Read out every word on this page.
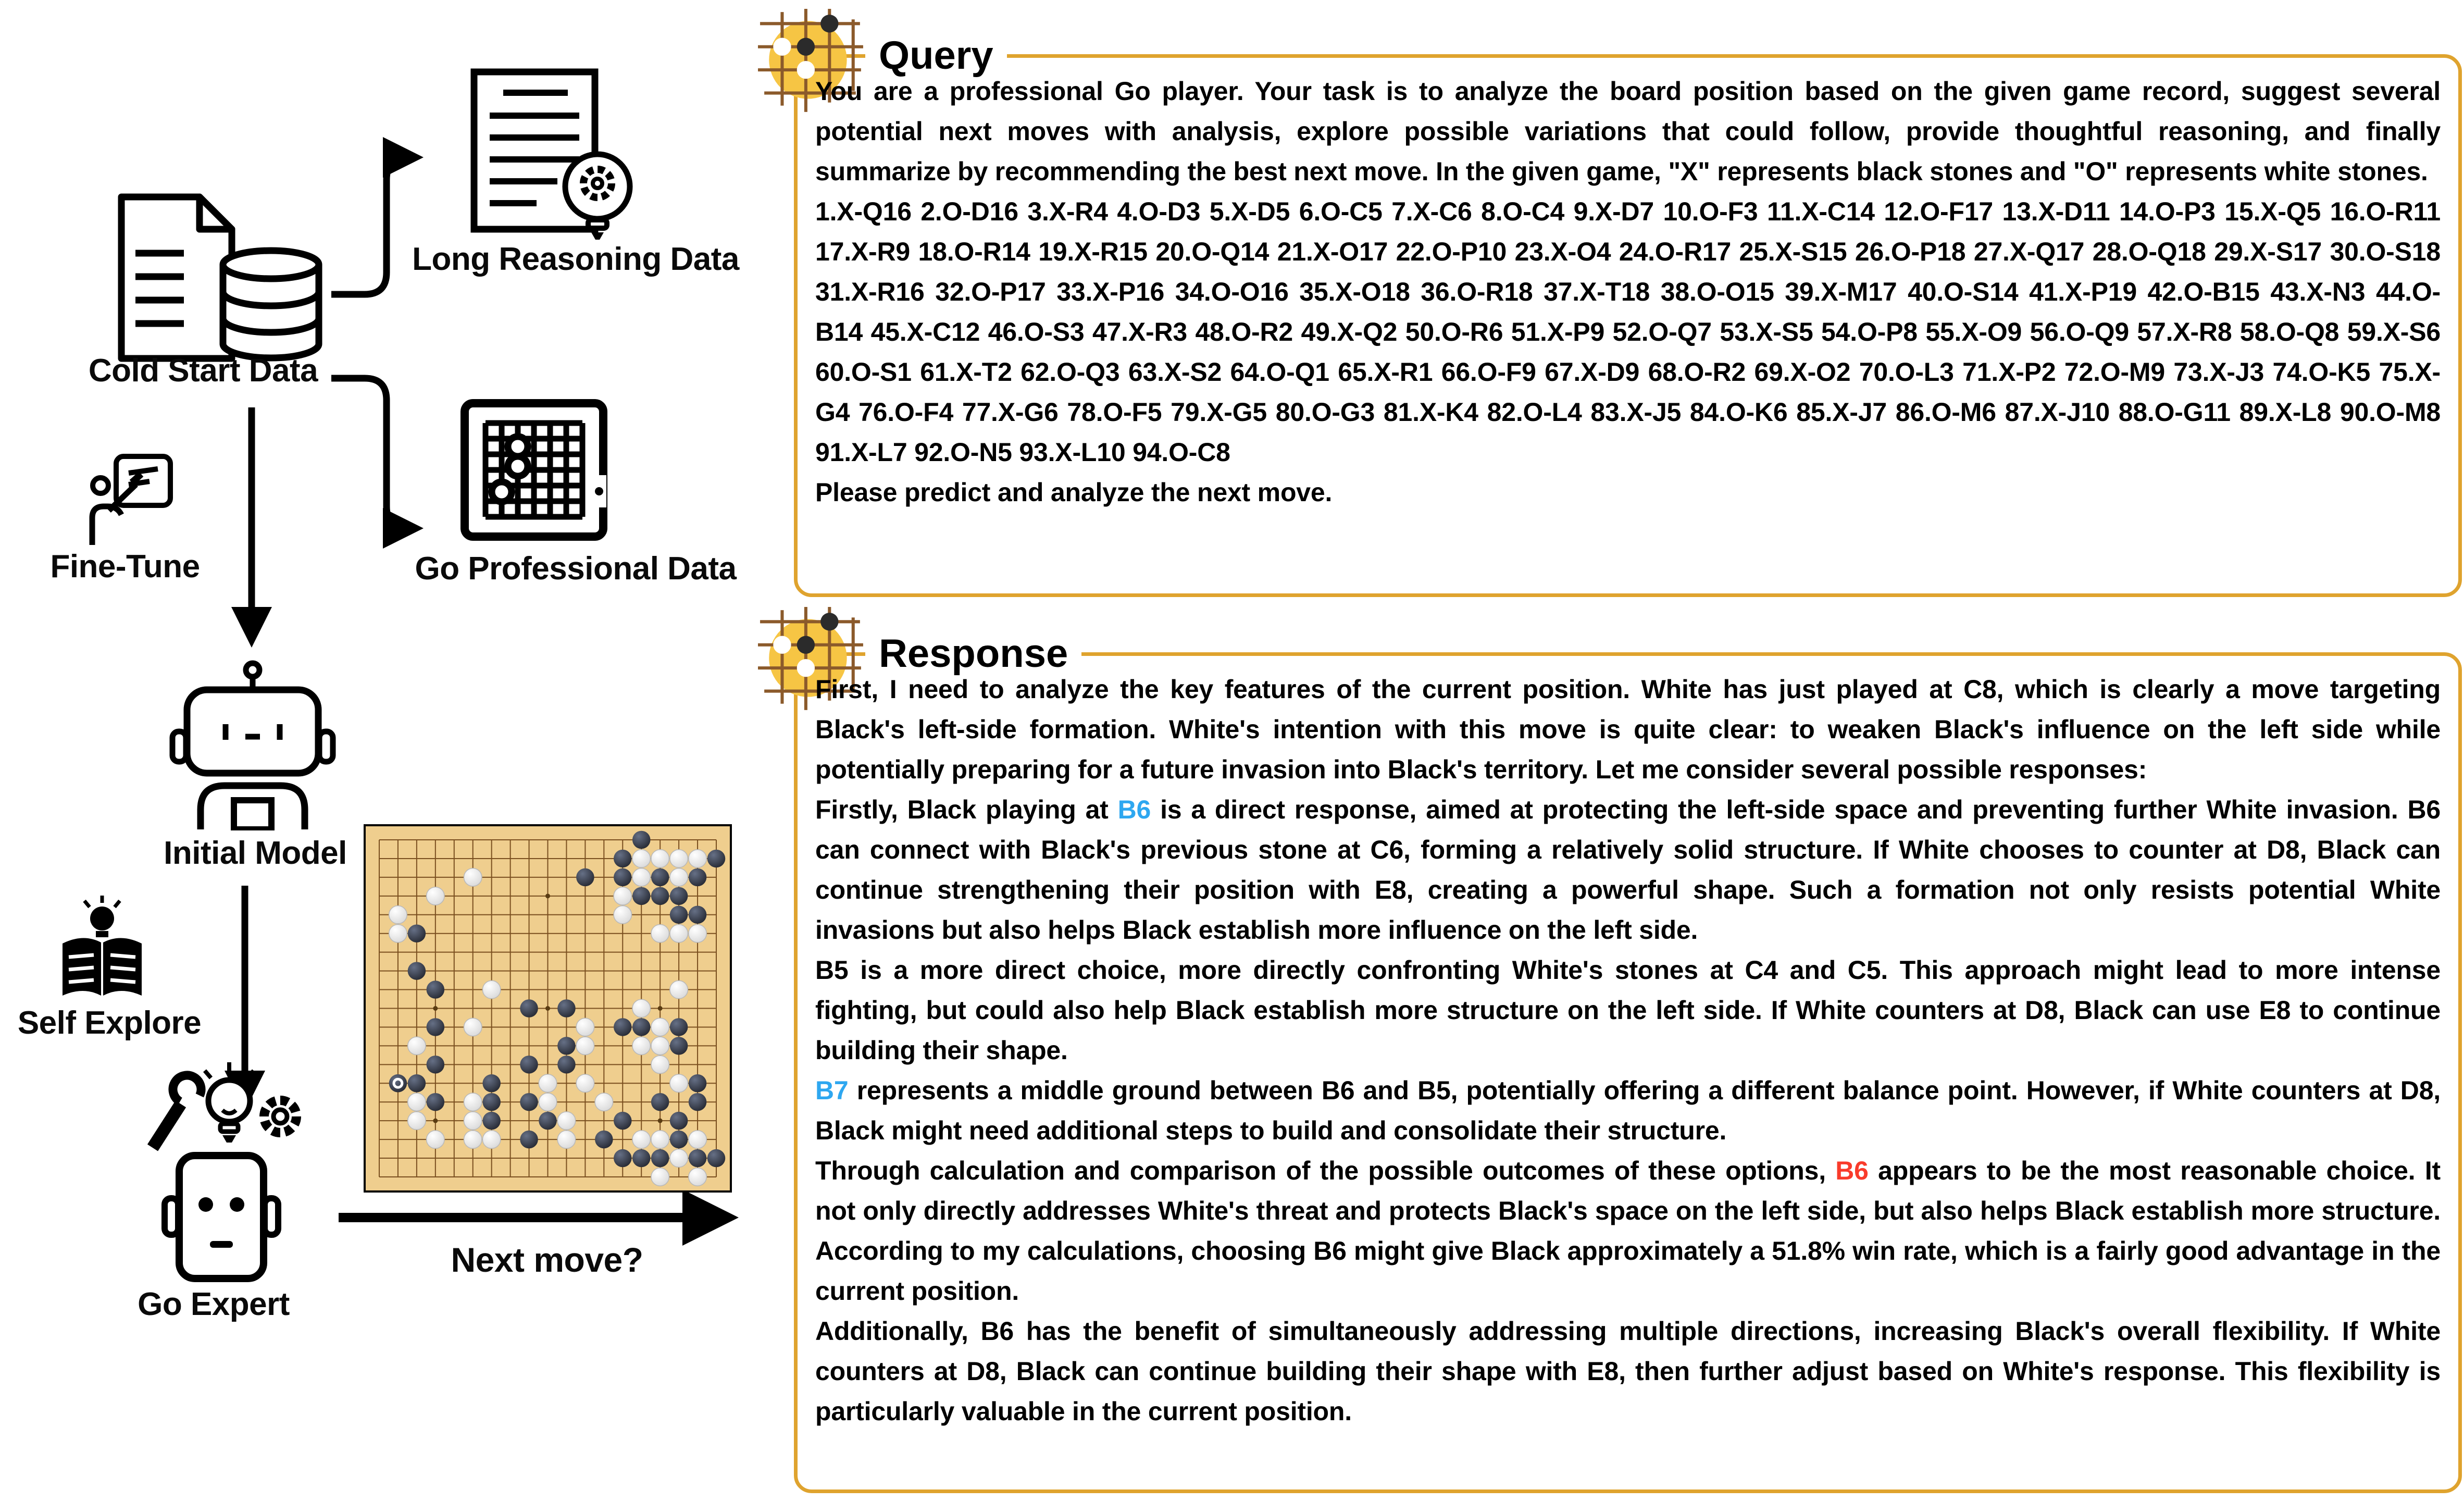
Cold Start Data
Long Reasoning Data
Go Professional Data
Fine-Tune
Initial Model
Self Explore
Go Expert
Next move?
Query

You are a professional Go player. Your task is to analyze the board position based on the given game record, suggest several potential next moves with analysis, explore possible variations that could follow, provide thoughtful reasoning, and finally summarize by recommending the best next move. In the given game, "X" represents black stones and "O" represents white stones.

1.X-Q16 2.O-D16 3.X-R4 4.O-D3 5.X-D5 6.O-C5 7.X-C6 8.O-C4 9.X-D7 10.O-F3 11.X-C14 12.O-F17 13.X-D11 14.O-P3 15.X-Q5 16.O-R11 17.X-R9 18.O-R14 19.X-R15 20.O-Q14 21.X-O17 22.O-P10 23.X-O4 24.O-R17 25.X-S15 26.O-P18 27.X-Q17 28.O-Q18 29.X-S17 30.O-S18 31.X-R16 32.O-P17 33.X-P16 34.O-O16 35.X-O18 36.O-R18 37.X-T18 38.O-O15 39.X-M17 40.O-S14 41.X-P19 42.O-B15 43.X-N3 44.O-B14 45.X-C12 46.O-S3 47.X-R3 48.O-R2 49.X-Q2 50.O-R6 51.X-P9 52.O-Q7 53.X-S5 54.O-P8 55.X-O9 56.O-Q9 57.X-R8 58.O-Q8 59.X-S6 60.O-S1 61.X-T2 62.O-Q3 63.X-S2 64.O-Q1 65.X-R1 66.O-F9 67.X-D9 68.O-R2 69.X-O2 70.O-L3 71.X-P2 72.O-M9 73.X-J3 74.O-K5 75.X-G4 76.O-F4 77.X-G6 78.O-F5 79.X-G5 80.O-G3 81.X-K4 82.O-L4 83.X-J5 84.O-K6 85.X-J7 86.O-M6 87.X-J10 88.O-G11 89.X-L8 90.O-M8 91.X-L7 92.O-N5 93.X-L10 94.O-C8

Please predict and analyze the next move.

Response

First, I need to analyze the key features of the current position. White has just played at C8, which is clearly a move targeting Black's left-side formation. White's intention with this move is quite clear: to weaken Black's influence on the left side while potentially preparing for a future invasion into Black's territory. Let me consider several possible responses:

Firstly, Black playing at B6 is a direct response, aimed at protecting the left-side space and preventing further White invasion. B6 can connect with Black's previous stone at C6, forming a relatively solid structure. If White chooses to counter at D8, Black can continue strengthening their position with E8, creating a powerful shape. Such a formation not only resists potential White invasions but also helps Black establish more influence on the left side.

B5 is a more direct choice, more directly confronting White's stones at C4 and C5. This approach might lead to more intense fighting, but could also help Black establish more structure on the left side. If White counters at D8, Black can use E8 to continue building their shape.

B7 represents a middle ground between B6 and B5, potentially offering a different balance point. However, if White counters at D8, Black might need additional steps to build and consolidate their structure.

Through calculation and comparison of the possible outcomes of these options, B6 appears to be the most reasonable choice. It not only directly addresses White's threat and protects Black's space on the left side, but also helps Black establish more structure. According to my calculations, choosing B6 might give Black approximately a 51.8% win rate, which is a fairly good advantage in the current position.

Additionally, B6 has the benefit of simultaneously addressing multiple directions, increasing Black's overall flexibility. If White counters at D8, Black can continue building their shape with E8, then further adjust based on White's response. This flexibility is particularly valuable in the current position.
